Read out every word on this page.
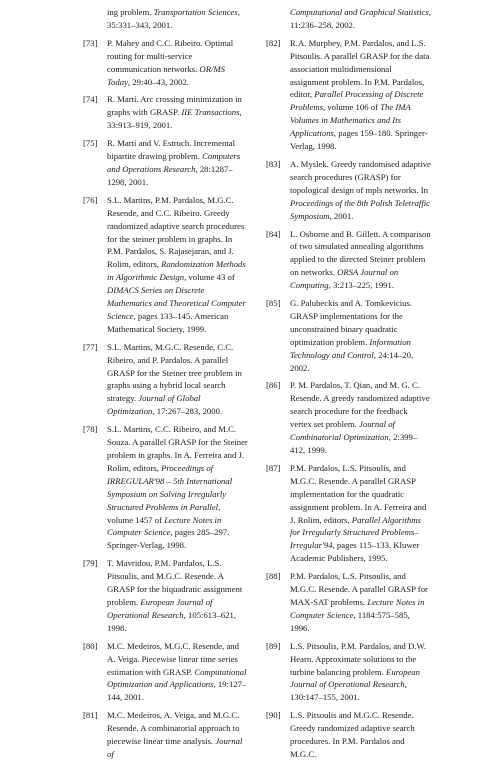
ing problem. Transportation Sciences, 35:331–343, 2001.
[73] P. Mahey and C.C. Ribeiro. Optimal routing for multi-service communication networks. OR/MS Today, 29:40–43, 2002.
[74] R. Martí. Arc crossing minimization in graphs with GRASP. IIE Transactions, 33:913–919, 2001.
[75] R. Martí and V. Estruch. Incremental bipartite drawing problem. Computers and Operations Research, 28:1287–1298, 2001.
[76] S.L. Martins, P.M. Pardalos, M.G.C. Resende, and C.C. Ribeiro. Greedy randomized adaptive search procedures for the steiner problem in graphs. In P.M. Pardalos, S. Rajasejaran, and J. Rolim, editors, Randomization Methods in Algorithmic Design, volume 43 of DIMACS Series on Discrete Mathematics and Theoretical Computer Science, pages 133–145. American Mathematical Society, 1999.
[77] S.L. Martins, M.G.C. Resende, C.C. Ribeiro, and P. Pardalos. A parallel GRASP for the Steiner tree problem in graphs using a hybrid local search strategy. Journal of Global Optimization, 17:267–283, 2000.
[78] S.L. Martins, C.C. Ribeiro, and M.C. Souza. A parallel GRASP for the Steiner problem in graphs. In A. Ferreira and J. Rolim, editors, Proceedings of IRREGULAR'98 – 5th International Symposium on Solving Irregularly Structured Problems in Parallel, volume 1457 of Lecture Notes in Computer Science, pages 285–297. Springer-Verlag, 1998.
[79] T. Mavridou, P.M. Pardalos, L.S. Pitsoulis, and M.G.C. Resende. A GRASP for the biquadratic assignment problem. European Journal of Operational Research, 105:613–621, 1998.
[80] M.C. Medeiros, M.G.C. Resende, and A. Veiga. Piecewise linear time series estimation with GRASP. Computational Optimization and Applications, 19:127–144, 2001.
[81] M.C. Medeiros, A. Veiga, and M.G.C. Resende. A combinatorial approach to piecewise linear time analysis. Journal of
Computational and Graphical Statistics, 11:236–258, 2002.
[82] R.A. Murphey, P.M. Pardalos, and L.S. Pitsoulis. A parallel GRASP for the data association multidimensional assignment problem. In P.M. Pardalos, editor, Parallel Processing of Discrete Problems, volume 106 of The IMA Volumes in Mathematics and Its Applications, pages 159–180. Springer-Verlag, 1998.
[83] A. Myslek. Greedy randomised adaptive search procedures (GRASP) for topological design of mpls networks. In Proceedings of the 8th Polish Teletraffic Symposium, 2001.
[84] L. Osborne and B. Gillett. A comparison of two simulated annealing algorithms applied to the directed Steiner problem on networks. ORSA Journal on Computing, 3:213–225, 1991.
[85] G. Palubeckis and A. Tomkevicius. GRASP implementations for the unconstrained binary quadratic optimization problem. Information Technology and Control, 24:14–20, 2002.
[86] P. M. Pardalos, T. Qian, and M. G. C. Resende. A greedy randomized adaptive search procedure for the feedback vertex set problem. Journal of Combinatorial Optimization, 2:399–412, 1999.
[87] P.M. Pardalos, L.S. Pitsoulis, and M.G.C. Resende. A parallel GRASP implementation for the quadratic assignment problem. In A. Ferreira and J. Rolim, editors, Parallel Algorithms for Irregularly Structured Problems– Irregular'94, pages 115–133. Kluwer Academic Publishers, 1995.
[88] P.M. Pardalos, L.S. Pitsoulis, and M.G.C. Resende. A parallel GRASP for MAX-SAT problems. Lecture Notes in Computer Science, 1184:575–585, 1996.
[89] L.S. Pitsoulis, P.M. Pardalos, and D.W. Hearn. Approximate solutions to the turbine balancing problem. European Journal of Operational Research, 130:147–155, 2001.
[90] L.S. Pitsoulis and M.G.C. Resende. Greedy randomized adaptive search procedures. In P.M. Pardalos and M.G.C.
